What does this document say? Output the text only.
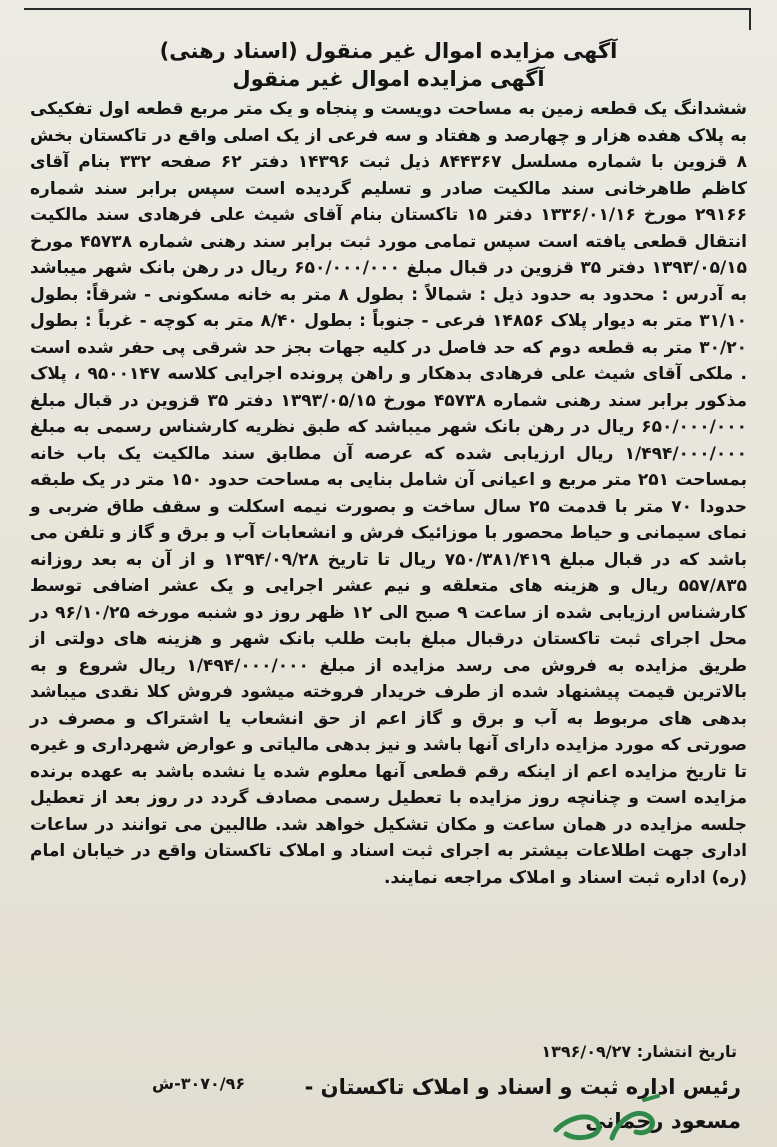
آگهی مزایده اموال غیر منقول (اسناد رهنی)
آگهی مزایده اموال غیر منقول
ششدانگ یک قطعه زمین به مساحت دویست و پنجاه و یک متر مربع قطعه اول تفکیکی به پلاک هفده هزار و چهارصد و هفتاد و سه فرعی از یک اصلی واقع در تاکستان بخش ۸ قزوین با شماره مسلسل ۸۴۴۳۶۷ ذیل ثبت ۱۴۳۹۶ دفتر ۶۲ صفحه ۳۳۲ بنام آقای کاظم طاهرخانی سند مالکیت صادر و تسلیم گردیده است سپس برابر سند شماره ۲۹۱۶۶ مورخ ۱۳۳۶/۰۱/۱۶ دفتر ۱۵ تاکستان بنام آقای شیث علی فرهادی سند مالکیت انتقال قطعی یافته است سپس تمامی مورد ثبت برابر سند رهنی شماره ۴۵۷۳۸ مورخ ۱۳۹۳/۰۵/۱۵ دفتر ۳۵ قزوین در قبال مبلغ ۶۵۰/۰۰۰/۰۰۰ ریال در رهن بانک شهر میباشد به آدرس : محدود به حدود ذیل : شمالاً : بطول ۸ متر به خانه مسکونی - شرقاً: بطول ۳۱/۱۰ متر به دیوار پلاک ۱۴۸۵۶ فرعی - جنوباً : بطول ۸/۴۰ متر به کوچه - غرباً : بطول ۳۰/۲۰ متر به قطعه دوم که حد فاصل در کلیه جهات بجز حد شرقی پی حفر شده است . ملکی آقای شیث علی فرهادی بدهکار و راهن پرونده اجرایی کلاسه ۹۵۰۰۱۴۷ ، پلاک مذکور برابر سند رهنی شماره ۴۵۷۳۸ مورخ ۱۳۹۳/۰۵/۱۵ دفتر ۳۵ قزوین در قبال مبلغ ۶۵۰/۰۰۰/۰۰۰ ریال در رهن بانک شهر میباشد که طبق نظریه کارشناس رسمی به مبلغ ۱/۴۹۴/۰۰۰/۰۰۰ ریال ارزیابی شده که عرصه آن مطابق سند مالکیت یک باب خانه بمساحت ۲۵۱ متر مربع و اعیانی آن شامل بنایی به مساحت حدود ۱۵۰ متر در یک طبقه حدودا ۷۰ متر با قدمت ۲۵ سال ساخت و بصورت نیمه اسکلت و سقف طاق ضربی و نمای سیمانی و حیاط محصور با موزائیک فرش و انشعابات آب و برق و گاز و تلفن می باشد که در قبال مبلغ ۷۵۰/۳۸۱/۴۱۹ ریال تا تاریخ ۱۳۹۴/۰۹/۲۸ و از آن به بعد روزانه ۵۵۷/۸۳۵ ریال و هزینه های متعلقه و نیم عشر اجرایی و یک عشر اضافی توسط کارشناس ارزیابی شده از ساعت ۹ صبح الی ۱۲ ظهر روز دو شنبه مورخه ۹۶/۱۰/۲۵ در محل اجرای ثبت تاکستان درقبال مبلغ بابت طلب بانک شهر و هزینه های دولتی از طریق مزایده به فروش می رسد مزایده از مبلغ ۱/۴۹۴/۰۰۰/۰۰۰ ریال شروع و به بالاترین قیمت پیشنهاد شده از طرف خریدار فروخته میشود فروش کلا نقدی میباشد بدهی های مربوط به آب و برق و گاز اعم از حق انشعاب یا اشتراک و مصرف در صورتی که مورد مزایده دارای آنها باشد و نیز بدهی مالیاتی و عوارض شهرداری و غیره تا تاریخ مزایده اعم از اینکه رقم قطعی آنها معلوم شده یا نشده باشد به عهده برنده مزایده است و چنانچه روز مزایده با تعطیل رسمی مصادف گردد در روز بعد از تعطیل جلسه مزایده در همان ساعت و مکان تشکیل خواهد شد. طالبین می توانند در ساعات اداری جهت اطلاعات بیشتر به اجرای ثبت اسناد و املاک تاکستان واقع در خیابان امام (ره) اداره ثبت اسناد و املاک مراجعه نمایند.
تاریخ انتشار: ۱۳۹۶/۰۹/۲۷
رئیس اداره ثبت و اسناد و املاک تاکستان -
مسعود رحمانی
۳۰۷۰/۹۶-ش
